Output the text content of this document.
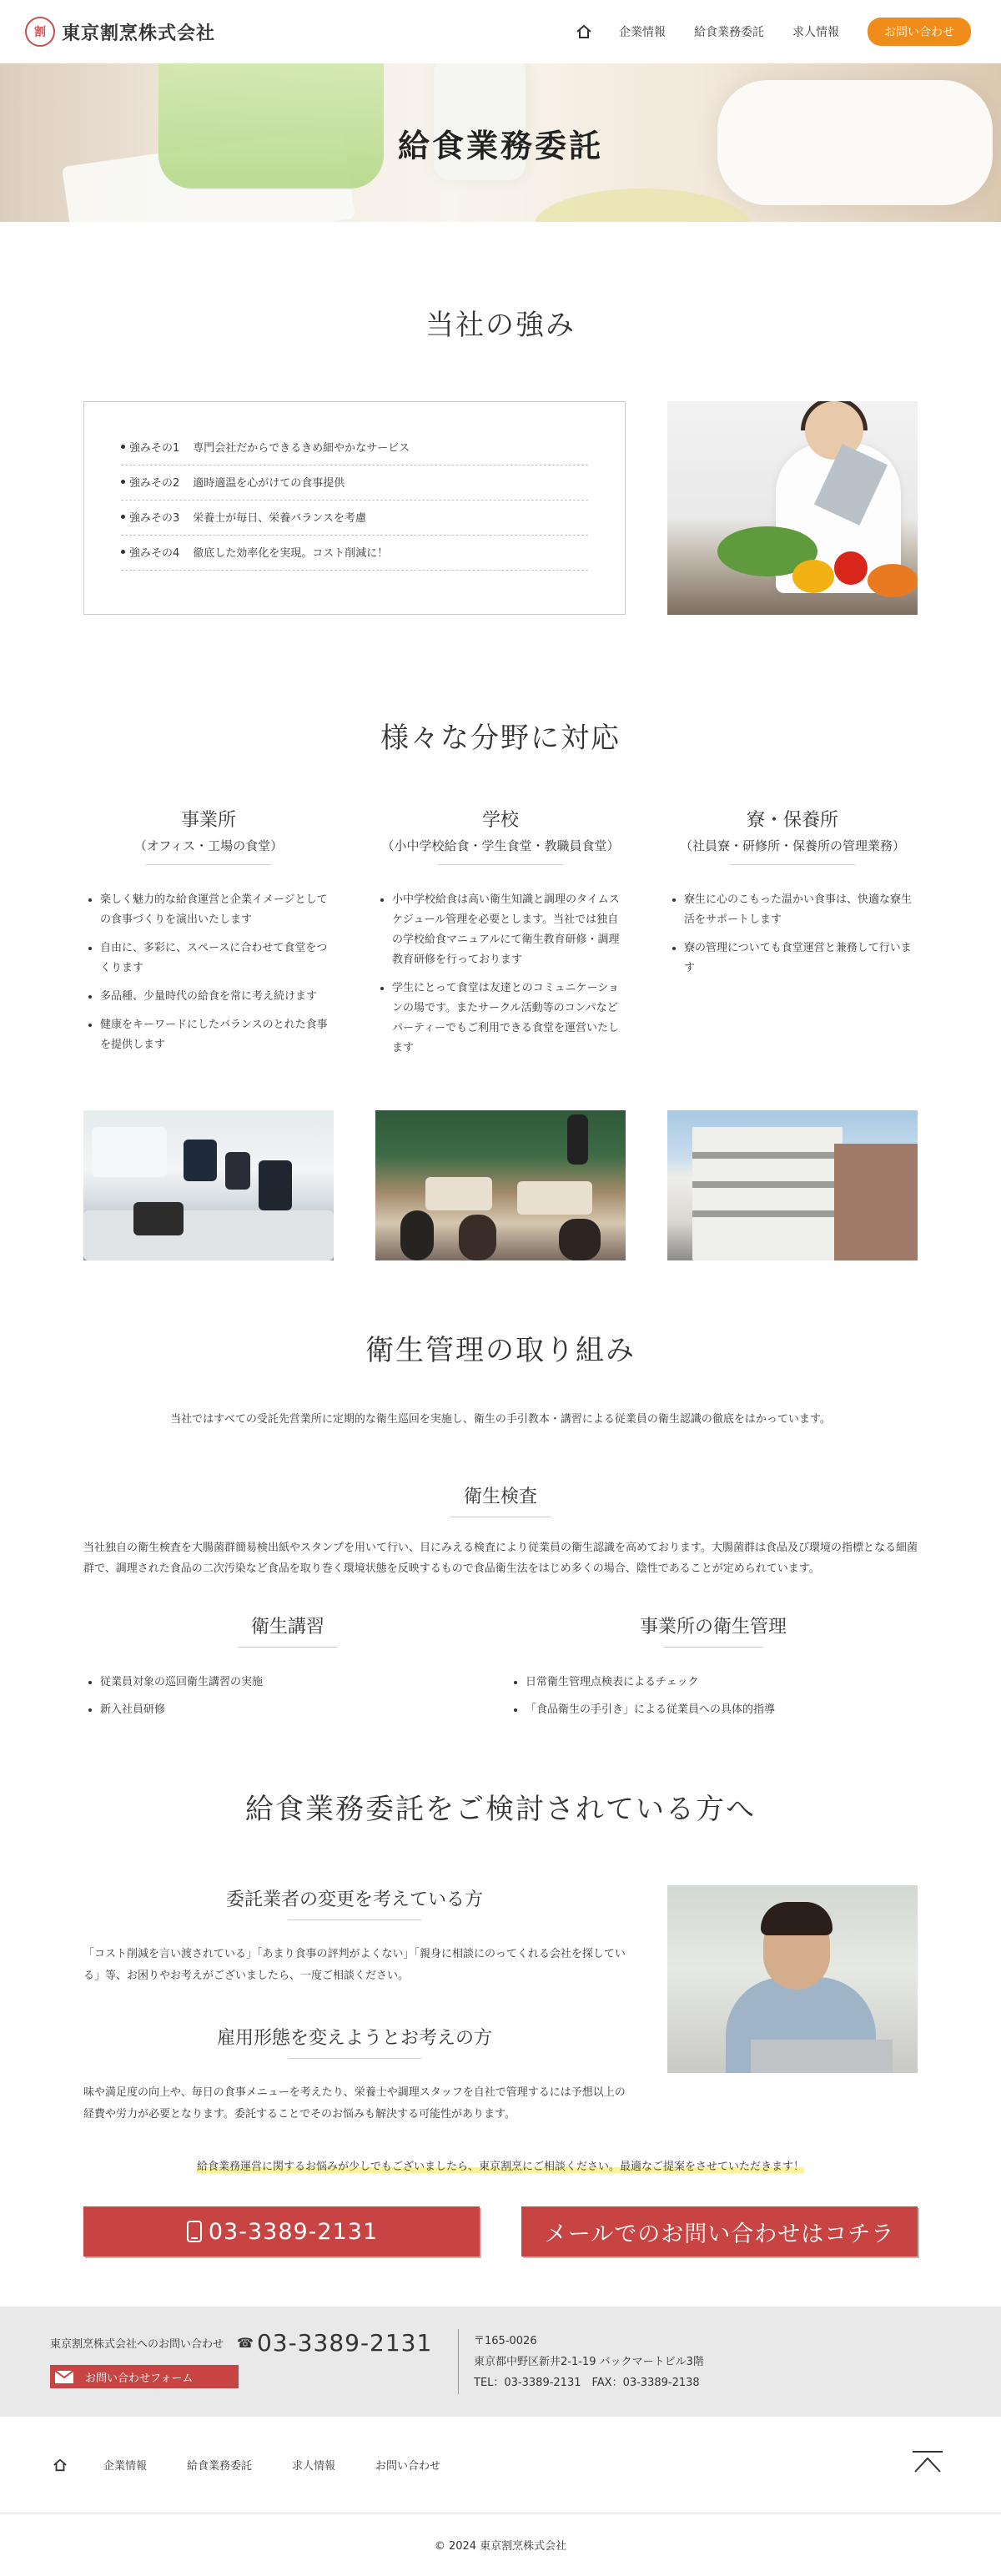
割 東京割烹株式会社	企業情報 給食業務委託 求人情報	お問い合わせ
給食業務委託
当社の強み
強みその1 専門会社だからできるきめ細やかなサービス
強みその2 適時適温を心がけての食事提供
強みその3 栄養士が毎日、栄養バランスを考慮
強みその4 徹底した効率化を実現。コスト削減に！
様々な分野に対応
事業所
（オフィス・工場の食堂）
• 楽しく魅力的な給食運営と企業イメージとしての食事づくりを演出いたします
• 自由に、多彩に、スペースに合わせて食堂をつくります
• 多品種、少量時代の給食を常に考え続けます
• 健康をキーワードにしたバランスのとれた食事を提供します
学校
（小中学校給食・学生食堂・教職員食堂）
• 小中学校給食は高い衛生知識と調理のタイムスケジュール管理を必要とします。当社では独自の学校給食マニュアルにて衛生教育研修・調理教育研修を行っております
• 学生にとって食堂は友達とのコミュニケーションの場です。またサークル活動等のコンパなどパーティーでもご利用できる食堂を運営いたします
寮・保養所
（社員寮・研修所・保養所の管理業務）
• 寮生に心のこもった温かい食事は、快適な寮生活をサポートします
• 寮の管理についても食堂運営と兼務して行います
衛生管理の取り組み

当社ではすべての受託先営業所に定期的な衛生巡回を実施し、衛生の手引教本・講習による従業員の衛生認識の徹底をはかっています。

衛生検査

当社独自の衛生検査を大腸菌群簡易検出紙やスタンプを用いて行い、目にみえる検査により従業員の衛生認識を高めております。大腸菌群は食品及び環境の指標となる細菌群で、調理された食品の二次汚染など食品を取り巻く環境状態を反映するもので食品衛生法をはじめ多くの場合、陰性であることが定められています。

衛生講習
• 従業員対象の巡回衛生講習の実施
• 新入社員研修
事業所の衛生管理
• 日常衛生管理点検表によるチェック
• 「食品衛生の手引き」による従業員への具体的指導
給食業務委託をご検討されている方へ
委託業者の変更を考えている方

「コスト削減を言い渡されている」「あまり食事の評判がよくない」「親身に相談にのってくれる会社を探している」等、お困りやお考えがございましたら、一度ご相談ください。

雇用形態を変えようとお考えの方

味や満足度の向上や、毎日の食事メニューを考えたり、栄養士や調理スタッフを自社で管理するには予想以上の経費や労力が必要となります。委託することでそのお悩みも解決する可能性があります。

給食業務運営に関するお悩みが少しでもございましたら、東京割烹にご相談ください。最適なご提案をさせていただきます！

03-3389-2131	メールでのお問い合わせはコチラ
東京割烹株式会社へのお問い合わせ ☎ 03-3389-2131
お問い合わせフォーム
〒165-0026
東京都中野区新井2-1-19 バックマートビル3階
TEL：03-3389-2131　FAX：03-3389-2138
企業情報	給食業務委託	求人情報	お問い合わせ
© 2024 東京割烹株式会社
